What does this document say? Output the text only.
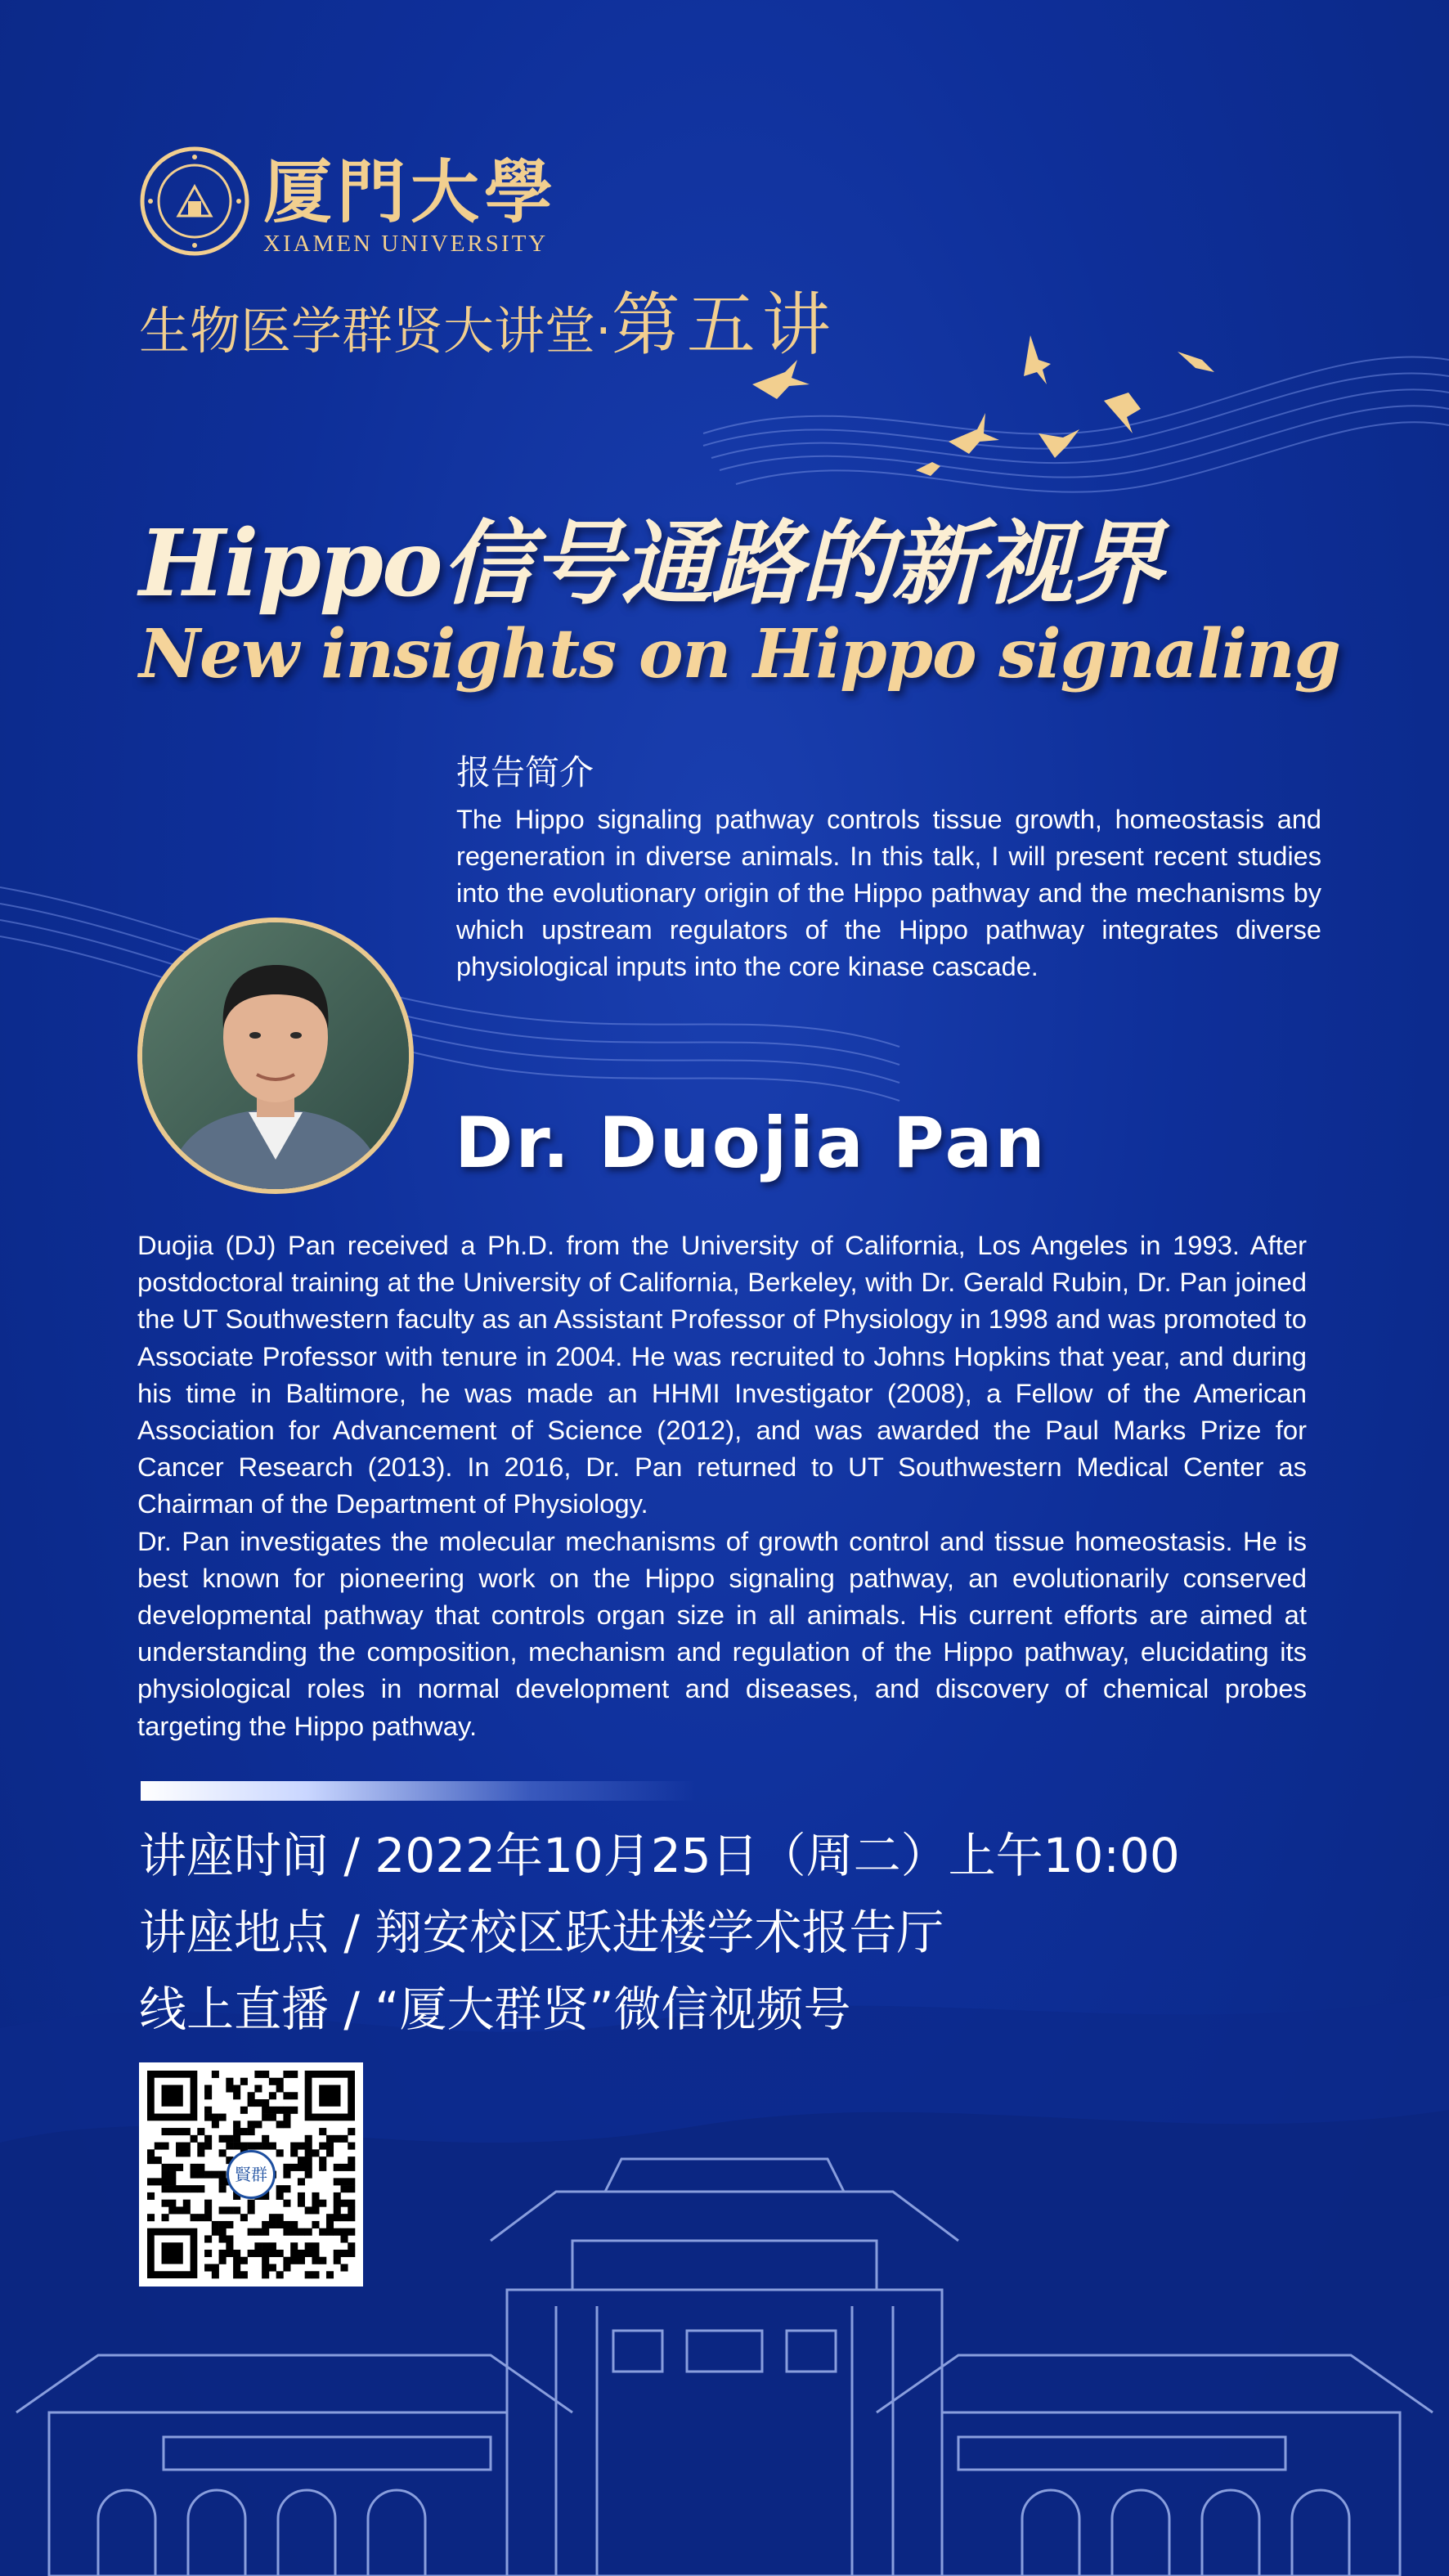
厦門大學
XIAMEN UNIVERSITY
生物医学群贤大讲堂·第五讲
Hippo信号通路的新视界
New insights on Hippo signaling
报告简介
The Hippo signaling pathway controls tissue growth, homeostasis and regeneration in diverse animals. In this talk, I will present recent studies into the evolutionary origin of the Hippo pathway and the mechanisms by which upstream regulators of the Hippo pathway integrates diverse physiological inputs into the core kinase cascade.
Dr. Duojia Pan

Duojia (DJ) Pan received a Ph.D. from the University of California, Los Angeles in 1993. After postdoctoral training at the University of California, Berkeley, with Dr. Gerald Rubin, Dr. Pan joined the UT Southwestern faculty as an Assistant Professor of Physiology in 1998 and was promoted to Associate Professor with tenure in 2004. He was recruited to Johns Hopkins that year, and during his time in Baltimore, he was made an HHMI Investigator (2008), a Fellow of the American Association for Advancement of Science (2012), and was awarded the Paul Marks Prize for Cancer Research (2013). In 2016, Dr. Pan returned to UT Southwestern Medical Center as Chairman of the Department of Physiology.

Dr. Pan investigates the molecular mechanisms of growth control and tissue homeostasis. He is best known for pioneering work on the Hippo signaling pathway, an evolutionarily conserved developmental pathway that controls organ size in all animals. His current efforts are aimed at understanding the composition, mechanism and regulation of the Hippo pathway, elucidating its physiological roles in normal development and diseases, and discovery of chemical probes targeting the Hippo pathway.

讲座时间 / 2022年10月25日（周二）上午10:00
讲座地点 / 翔安校区跃进楼学术报告厅
线上直播 / “厦大群贤”微信视频号
賢群
